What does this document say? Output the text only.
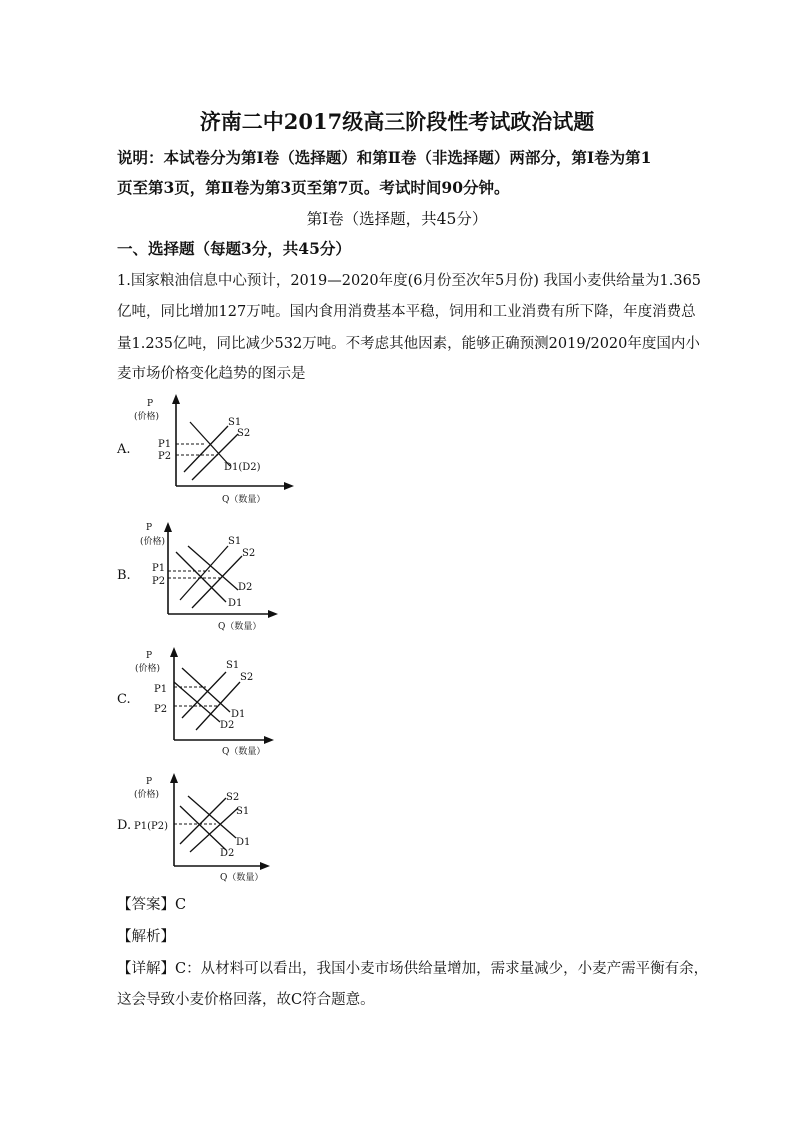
济南二中2017级高三阶段性考试政治试题
说明：本试卷分为第Ⅰ卷（选择题）和第Ⅱ卷（非选择题）两部分，第Ⅰ卷为第1
页至第3页，第Ⅱ卷为第3页至第7页。考试时间90分钟。
第Ⅰ卷（选择题，共45分）
一、选择题（每题3分，共45分）
1.国家粮油信息中心预计，2019—2020年度(6月份至次年5月份) 我国小麦供给量为1.365
亿吨，同比增加127万吨。国内食用消费基本平稳，饲用和工业消费有所下降，年度消费总
量1.235亿吨，同比减少532万吨。不考虑其他因素，能够正确预测2019/2020年度国内小
麦市场价格变化趋势的图示是
A.
P
(价格)
Q（数量）
P1
P2
S1
S2
D1(D2)
B.
P
(价格)
Q（数量）
P1
P2
S1
S2
D2
D1
C.
P
(价格)
Q（数量）
P1
P2
S1
S2
D1
D2
D.
P
(价格)
Q（数量）
P1(P2)
S2
S1
D1
D2
【答案】C
【解析】
【详解】C：从材料可以看出，我国小麦市场供给量增加，需求量减少，小麦产需平衡有余，
这会导致小麦价格回落，故C符合题意。
